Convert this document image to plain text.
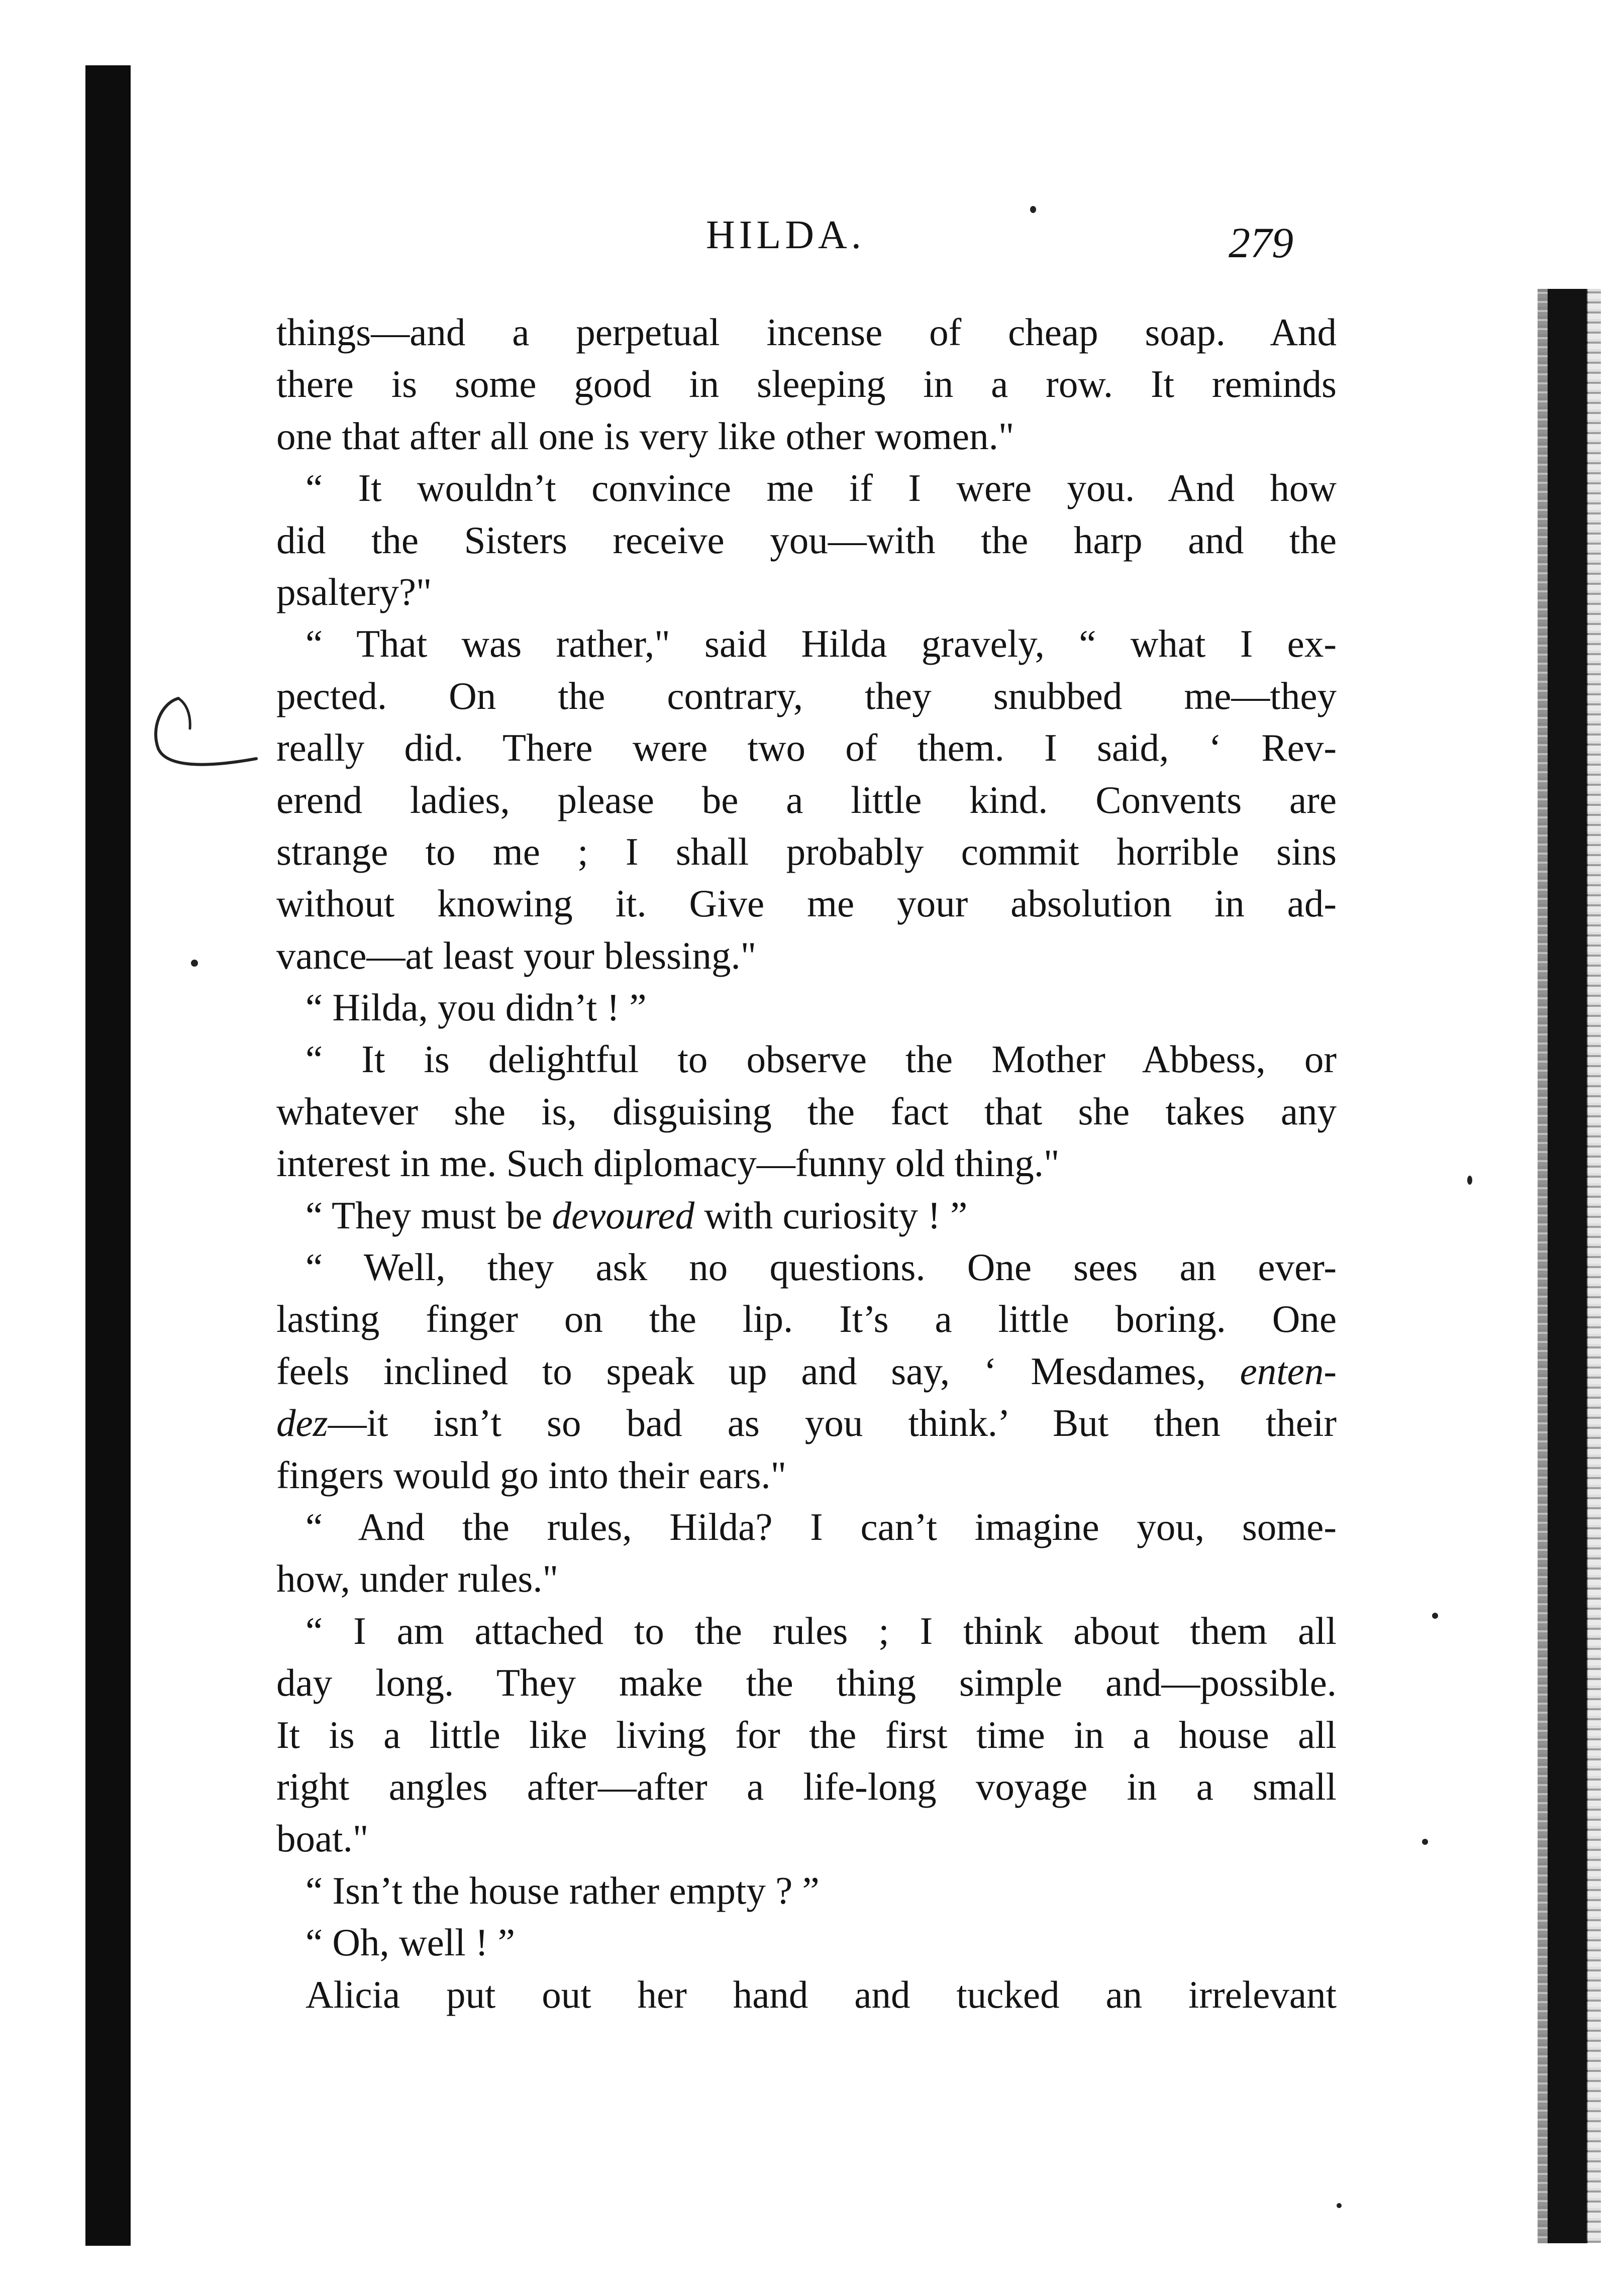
HILDA.	279
things—and a perpetual incense of cheap soap. And
there is some good in sleeping in a row. It reminds
one that after all one is very like other women."
“ It wouldn’t convince me if I were you. And how
did the Sisters receive you—with the harp and the
psaltery?"
“ That was rather," said Hilda gravely, “ what I ex-
pected. On the contrary, they snubbed me—they
really did. There were two of them. I said, ‘ Rev-
erend ladies, please be a little kind. Convents are
strange to me ; I shall probably commit horrible sins
without knowing it. Give me your absolution in ad-
vance—at least your blessing."
“ Hilda, you didn’t ! ”
“ It is delightful to observe the Mother Abbess, or
whatever she is, disguising the fact that she takes any
interest in me. Such diplomacy—funny old thing."
“ They must be devoured with curiosity ! ”
“ Well, they ask no questions. One sees an ever-
lasting finger on the lip. It’s a little boring. One
feels inclined to speak up and say, ‘ Mesdames, enten-
dez—it isn’t so bad as you think.’ But then their
fingers would go into their ears."
“ And the rules, Hilda? I can’t imagine you, some-
how, under rules."
“ I am attached to the rules ; I think about them all
day long. They make the thing simple and—possible.
It is a little like living for the first time in a house all
right angles after—after a life-long voyage in a small
boat."
“ Isn’t the house rather empty ? ”
“ Oh, well ! ”
Alicia put out her hand and tucked an irrelevant
